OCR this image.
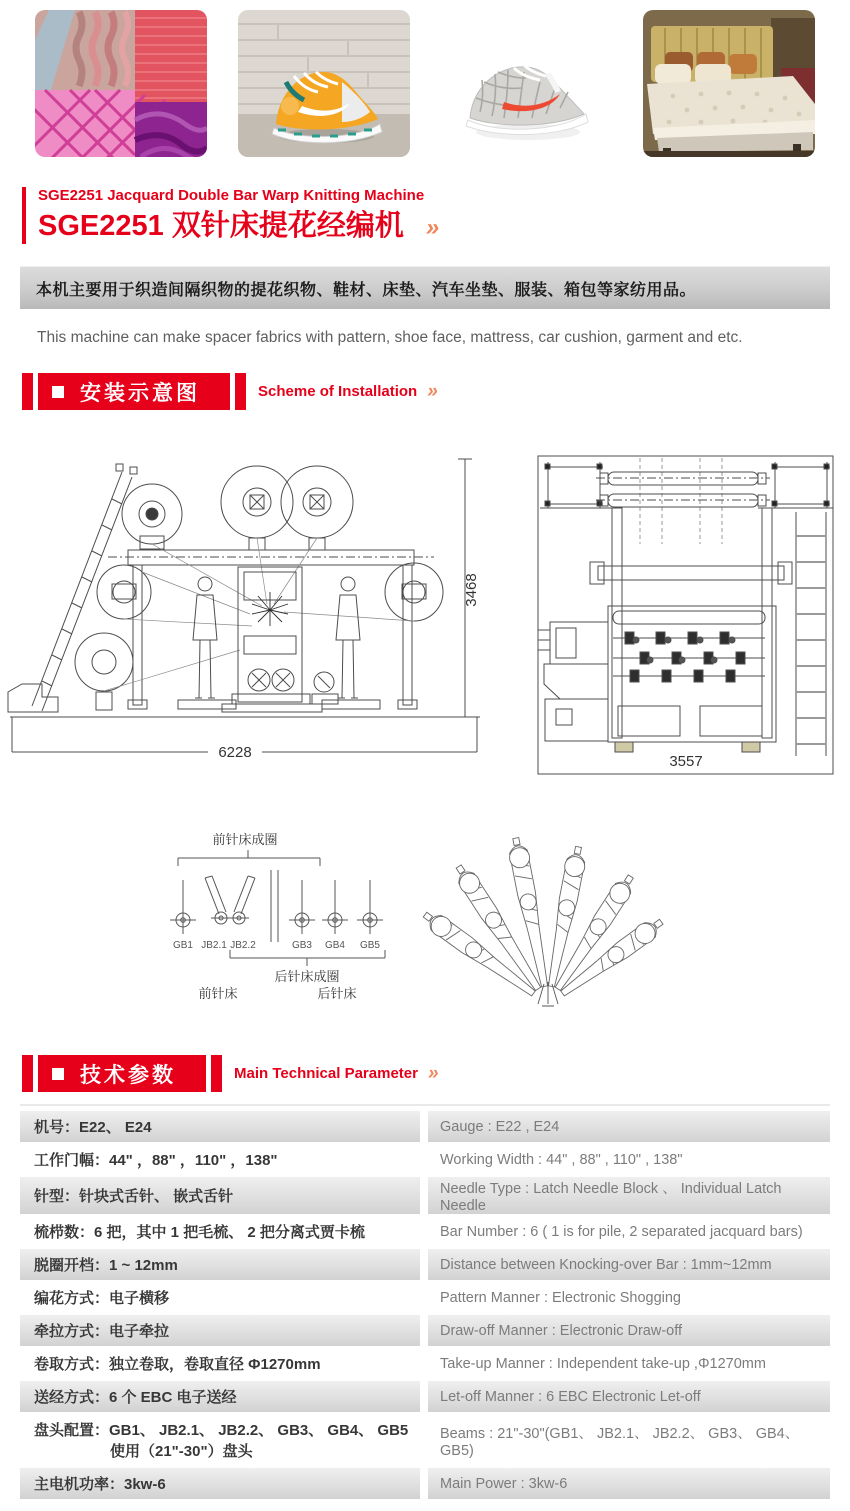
SGE2251 Jacquard Double Bar Warp Knitting Machine
SGE2251 双针床提花经编机 »
本机主要用于织造间隔织物的提花织物、鞋材、床垫、汽车坐垫、服装、箱包等家纺用品。
This machine can make spacer fabrics with pattern, shoe face, mattress, car cushion, garment and etc.
安装示意图	Scheme of Installation »
6228
3468
3557
前针床成圈
GB1 JB2.1 JB2.2	GB3 GB4 GB5
后针床成圈
前针床	后针床
技术参数	Main Technical Parameter »
机号：E22、 E24	Gauge : E22 , E24
工作门幅：44" ，88" ，110" ，138"	Working Width : 44" , 88" , 110" , 138"
针型：针块式舌针、 嵌式舌针	Needle Type : Latch Needle Block 、 Individual Latch Needle
梳栉数：6 把，其中 1 把毛梳、 2 把分离式贾卡梳	Bar Number : 6 ( 1 is for pile, 2 separated jacquard bars)
脱圈开档：1 ~ 12mm	Distance between Knocking-over Bar : 1mm~12mm
编花方式：电子横移	Pattern Manner : Electronic Shogging
牵拉方式：电子牵拉	Draw-off Manner : Electronic Draw-off
卷取方式：独立卷取，卷取直径 Φ1270mm	Take-up Manner : Independent take-up ,Φ1270mm
送经方式：6 个 EBC 电子送经	Let-off Manner : 6 EBC Electronic Let-off
盘头配置：GB1、 JB2.1、 JB2.2、 GB3、 GB4、 GB5
使用（21"-30"）盘头
Beams : 21"-30"(GB1、 JB2.1、 JB2.2、 GB3、 GB4、 GB5)
主电机功率：3kw-6	Main Power : 3kw-6
